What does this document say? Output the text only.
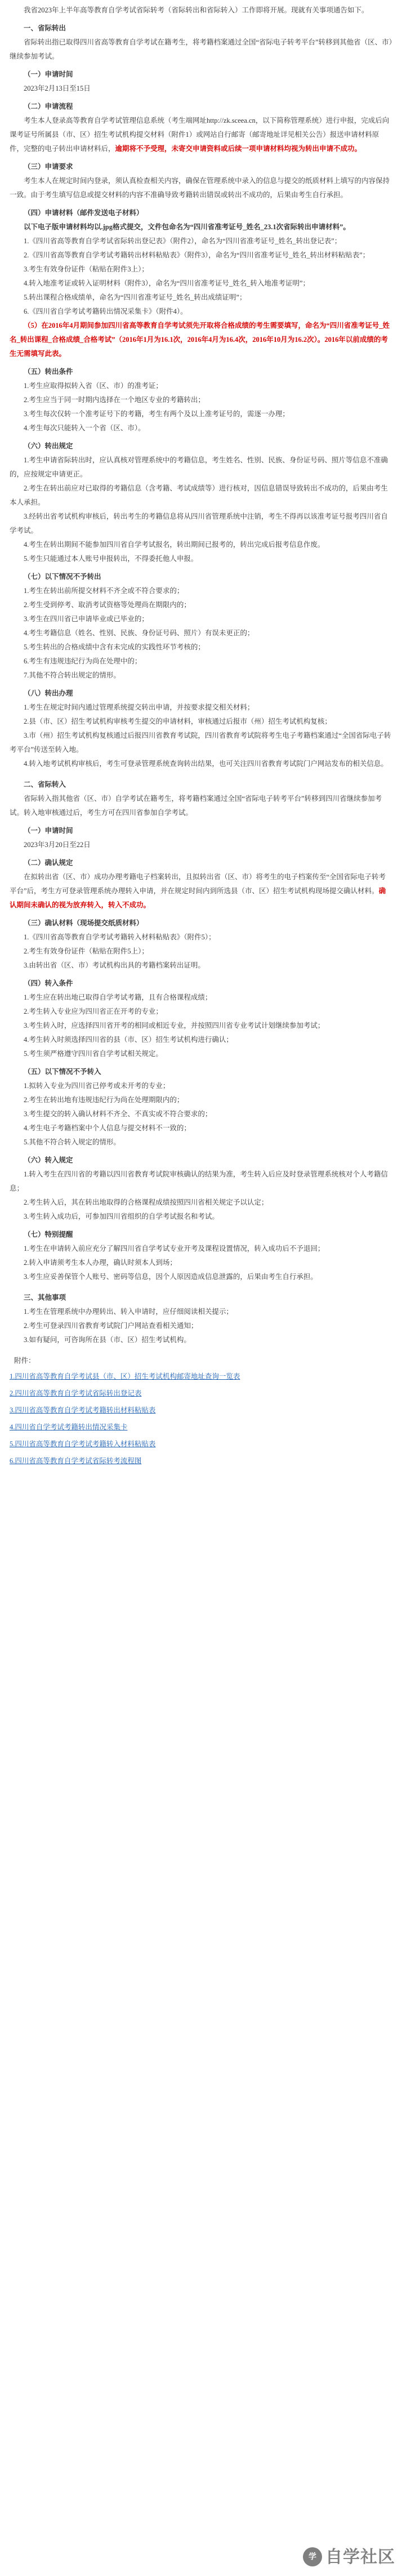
我省2023年上半年高等教育自学考试省际转考（省际转出和省际转入）工作即将开展。现就有关事项通告如下。

一、省际转出

省际转出指已取得四川省高等教育自学考试在籍考生，将考籍档案通过全国“省际电子转考平台”转移到其他省（区、市）继续参加考试。

（一）申请时间

2023年2月13日至15日

（二）申请流程

考生本人登录高等教育自学考试管理信息系统（考生端网址http://zk.sceea.cn，以下简称管理系统）进行申报，完成后向课考证号所属县（市、区）招生考试机构提交材料（附件1）或网站自行邮寄（邮寄地址详见相关公告）报送申请材料原件，完整的电子转出申请材料后，逾期将不予受理，未寄交申请资料或后续一项申请材料均视为转出申请不成功。

（三）申请要求

考生本人在规定时间内登录，须认真检查相关内容，确保在管理系统中录入的信息与提交的纸质材料上填写的内容保持一致。由于考生填写信息或提交材料的内容不准确导致考籍转出错误或转出不成功的，后果由考生自行承担。

（四）申请材料（邮件发送电子材料）

以下电子版申请材料均以.jpg格式提交，文件包命名为“四川省准考证号_姓名_23.1次省际转出申请材料”。

1.《四川省高等教育自学考试省际转出登记表》（附件2），命名为“四川省准考证号_姓名_转出登记表”；

2.《四川省高等教育自学考试考籍转出材料粘贴表》（附件3），命名为“四川省准考证号_姓名_转出材料粘贴表”；

3.考生有效身份证件（粘贴在附件3上）；

4.转入地准考证或转入证明材料（附件3），命名为“四川省准考证号_姓名_转入地准考证明”；

5.转出课程合格成绩单，命名为“四川省准考证号_姓名_转出成绩证明”；

6.《四川省自学考试考籍转出情况采集卡》（附件4）。

（5）在2016年4月期间参加四川省高等教育自学考试须先开取将合格成绩的考生需要填写，命名为“四川省准考证号_姓名_转出课程_合格成绩_合格考试”（2016年1月为16.1次，2016年4月为16.4次，2016年10月为16.2次）。2016年以前成绩的考生无需填写此表。

（五）转出条件

1.考生应取得拟转入省（区、市）的准考证；

2.考生应当于同一时期内选择在一个地区专业的考籍转出；

3.考生每次仅转一个准考证号下的考籍，考生有两个及以上准考证号的，需逐一办理；

4.考生每次只能转入一个省（区、市）。

（六）转出规定

1.考生申请省际转出时，应认真核对管理系统中的考籍信息，考生姓名、性别、民族、身份证号码、照片等信息不准确的，应按规定申请更正。

2.考生在转出前应对已取得的考籍信息（含考籍、考试成绩等）进行核对，因信息错误导致转出不成功的，后果由考生本人承担。

3.经转出省考试机构审核后，转出考生的考籍信息将从四川省管理系统中注销，考生不得再以该准考证号报考四川省自学考试。

4.考生在转出期间不能参加四川省自学考试报名，转出期间已报考的，转出完成后报考信息作废。

5.考生只能通过本人账号申报转出，不得委托他人申报。

（七）以下情况不予转出

1.考生在转出前所提交材料不齐全或不符合要求的；

2.考生受到停考、取消考试资格等处理尚在期限内的；

3.考生在四川省已申请毕业或已毕业的；

4.考生考籍信息（姓名、性别、民族、身份证号码、照片）有误未更正的；

5.考生转出的合格成绩中含有未完成的实践性环节考核的；

6.考生有违规违纪行为尚在处理中的；

7.其他不符合转出规定的情形。

（八）转出办理

1.考生在规定时间内通过管理系统提交转出申请，并按要求提交相关材料；

2.县（市、区）招生考试机构审核考生提交的申请材料，审核通过后报市（州）招生考试机构复核；

3.市（州）招生考试机构复核通过后报四川省教育考试院，四川省教育考试院将考生电子考籍档案通过“全国省际电子转考平台”传送至转入地。

4.转入地考试机构审核后，考生可登录管理系统查询转出结果，也可关注四川省教育考试院门户网站发布的相关信息。

二、省际转入

省际转入指其他省（区、市）自学考试在籍考生，将考籍档案通过全国“省际电子转考平台”转移到四川省继续参加考试。转入地审核通过后，考生方可在四川省参加自学考试。

（一）申请时间

2023年3月20日至22日

（二）确认规定

在拟转出省（区、市）成功办理考籍电子档案转出，且拟转出省（区、市）将考生的电子档案传至“全国省际电子转考平台”后，考生方可登录管理系统办理转入申请，并在规定时间内到所选县（市、区）招生考试机构现场提交确认材料。确认期间未确认的视为放弃转入，转入不成功。

（三）确认材料（现场提交纸质材料）

1.《四川省高等教育自学考试考籍转入材料粘贴表》（附件5）；

2.考生有效身份证件（粘贴在附件5上）；

3.由转出省（区、市）考试机构出具的考籍档案转出证明。

（四）转入条件

1.考生应在转出地已取得自学考试考籍，且有合格课程成绩；

2.考生转入专业应为四川省正在开考的专业；

3.考生转入时，应选择四川省开考的相同或相近专业，并按照四川省专业考试计划继续参加考试；

4.考生转入时须选择四川省的县（市、区）招生考试机构进行确认；

5.考生须严格遵守四川省自学考试相关规定。

（五）以下情况不予转入

1.拟转入专业为四川省已停考或未开考的专业；

2.考生在转出地有违规违纪行为尚在处理期限内的；

3.考生提交的转入确认材料不齐全、不真实或不符合要求的；

4.考生电子考籍档案中个人信息与提交材料不一致的；

5.其他不符合转入规定的情形。

（六）转入规定

1.转入考生在四川省的考籍以四川省教育考试院审核确认的结果为准，考生转入后应及时登录管理系统核对个人考籍信息；

2.考生转入后，其在转出地取得的合格课程成绩按照四川省相关规定予以认定；

3.考生转入成功后，可参加四川省组织的自学考试报名和考试。

（七）特别提醒

1.考生在申请转入前应充分了解四川省自学考试专业开考及课程设置情况，转入成功后不予退回；

2.转入申请须考生本人办理，确认时须本人到场；

3.考生应妥善保管个人账号、密码等信息，因个人原因造成信息泄露的，后果由考生自行承担。

三、其他事项

1.考生在管理系统中办理转出、转入申请时，应仔细阅读相关提示；

2.考生可登录四川省教育考试院门户网站查看相关通知；

3.如有疑问，可咨询所在县（市、区）招生考试机构。

附件：

1.四川省高等教育自学考试县（市、区）招生考试机构邮寄地址查询一览表

2.四川省高等教育自学考试省际转出登记表

3.四川省高等教育自学考试考籍转出材料粘贴表

4.四川省自学考试考籍转出情况采集卡

5.四川省高等教育自学考试考籍转入材料粘贴表

6.四川省高等教育自学考试省际转考流程图

学 自学社区
